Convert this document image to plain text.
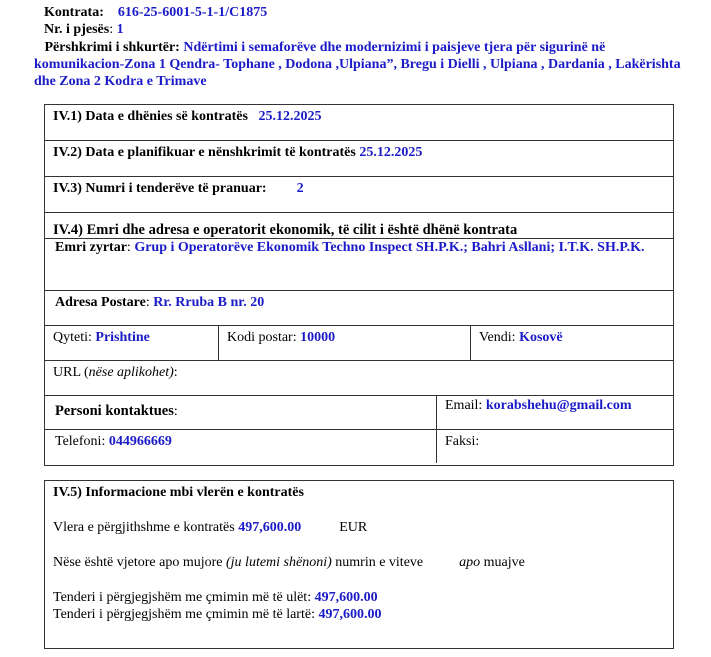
Kontrata: 616-25-6001-5-1-1/C1875
Nr. i pjesës: 1
Përshkrimi i shkurtër: Ndërtimi i semaforëve dhe modernizimi i paisjeve tjera për sigurinë në komunikacion-Zona 1 Qendra- Tophane , Dodona ,Ulpiana”, Bregu i Dielli , Ulpiana , Dardania , Lakërishta dhe Zona 2 Kodra e Trimave
IV.1) Data e dhënies së kontratës 25.12.2025
IV.2) Data e planifikuar e nënshkrimit të kontratës 25.12.2025
IV.3) Numri i tenderëve të pranuar: 2
IV.4) Emri dhe adresa e operatorit ekonomik, të cilit i është dhënë kontrata
Emri zyrtar: Grup i Operatorëve Ekonomik Techno Inspect SH.P.K.; Bahri Asllani; I.T.K. SH.P.K.
Adresa Postare: Rr. Rruba B nr. 20
Qyteti: Prishtine	Kodi postar: 10000	Vendi: Kosovë
URL (nëse aplikohet):
Personi kontaktues:	Email: korabshehu@gmail.com
Telefoni: 044966669	Faksi:
IV.5) Informacione mbi vlerën e kontratës
Vlera e përgjithshme e kontratës 497,600.00	EUR
Nëse është vjetore apo mujore (ju lutemi shënoni) numrin e viteve	apo muajve
Tenderi i përgjegjshëm me çmimin më të ulët: 497,600.00
Tenderi i përgjegjshëm me çmimin më të lartë: 497,600.00
